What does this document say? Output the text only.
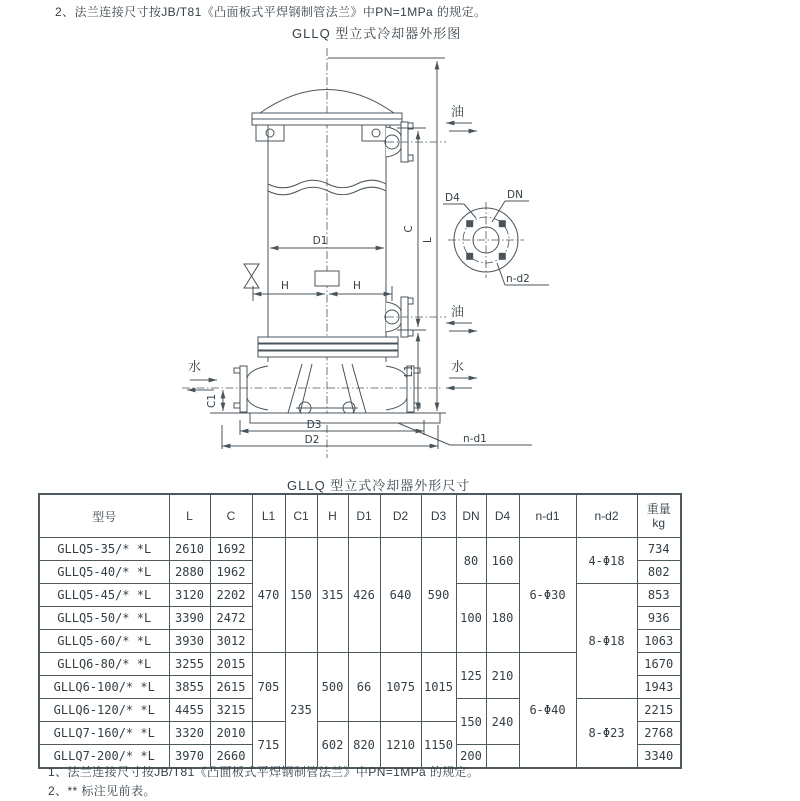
2、法兰连接尺寸按JB/T81《凸面板式平焊钢制管法兰》中PN=1MPa 的规定。
GLLQ 型立式冷却器外形图
D1
H	H
C
L
L1
C1
D3
D2	n-d1
油
油
水
水
D4	DN
n-d2
GLLQ 型立式冷却器外形尺寸
型号	L	C	L1	C1	H	D1	D2	D3	DN	D4	n-d1	n-d2	重量
kg

GLLQ5-35/* *L	2610	1692	470	150	315	426	640	590	80	160	6-Φ30	4-Φ18	734
GLLQ5-40/* *L	2880	1962											802
GLLQ5-45/* *L	3120	2202							100	180		8-Φ18	853
GLLQ5-50/* *L	3390	2472											936
GLLQ5-60/* *L	3930	3012											1063
GLLQ6-80/* *L	3255	2015	705	235	500	66	1075	1015	125	210	6-Φ40		1670
GLLQ6-100/* *L	3855	2615											1943
GLLQ6-120/* *L	4455	3215							150	240		8-Φ23	2215
GLLQ7-160/* *L	3320	2010	715		602	820	1210	1150					2768
GLLQ7-200/* *L	3970	2660							200				3340
1、法兰连接尺寸按JB/T81《凸面板式平焊钢制管法兰》中PN=1MPa 的规定。
2、** 标注见前表。
